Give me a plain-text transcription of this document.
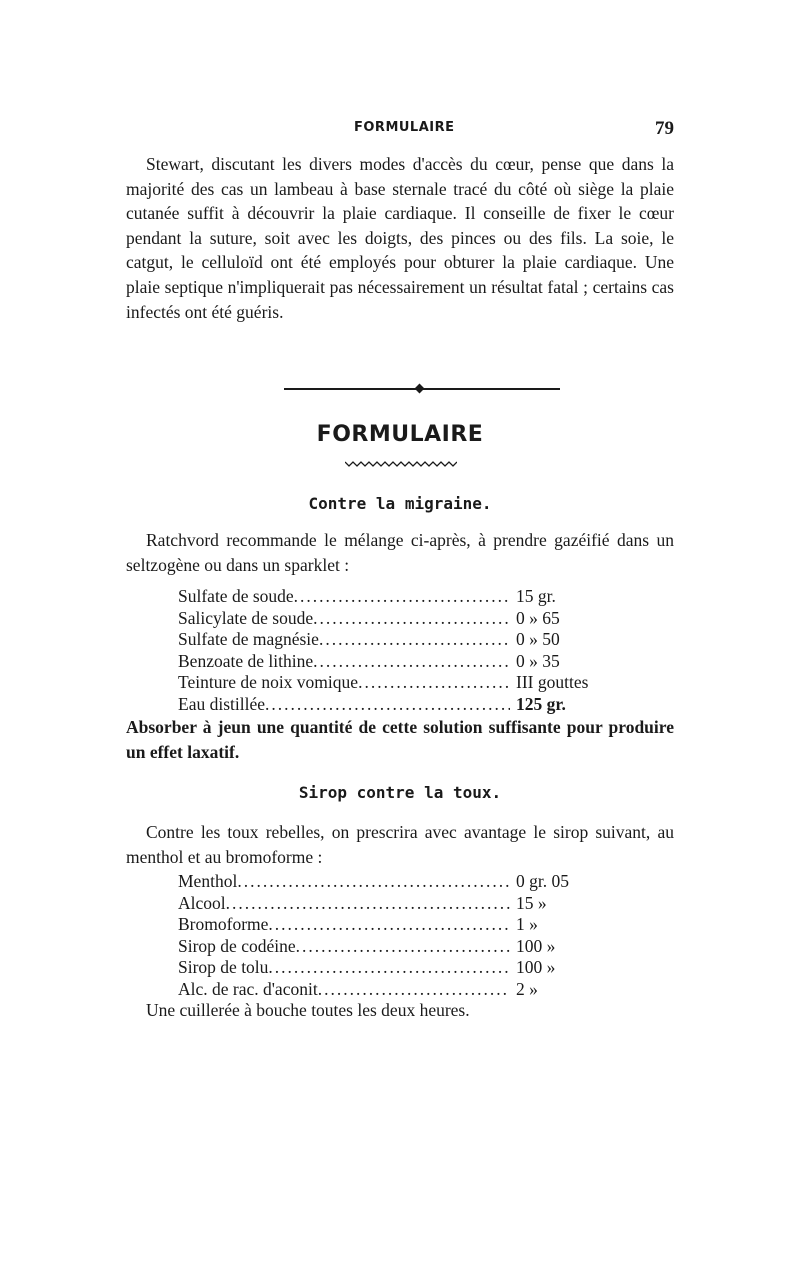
FORMULAIRE	79

Stewart, discutant les divers modes d'accès du cœur, pense que dans la majorité des cas un lambeau à base sternale tracé du côté où siège la plaie cutanée suffit à découvrir la plaie cardiaque. Il conseille de fixer le cœur pendant la suture, soit avec les doigts, des pinces ou des fils. La soie, le catgut, le celluloïd ont été employés pour obturer la plaie cardiaque. Une plaie septique n'impliquerait pas nécessairement un résultat fatal ; certains cas infectés ont été guéris.

FORMULAIRE
Contre la migraine.

Ratchvord recommande le mélange ci-après, à prendre gazéifié dans un seltzogène ou dans un sparklet :

Sulfate de soude .....	15 gr.
Salicylate de soude .....	0 » 65
Sulfate de magnésie .....	0 » 50
Benzoate de lithine .....	0 » 35
Teinture de noix vomique .....	III gouttes
Eau distillée .....	125 gr.

Absorber à jeun une quantité de cette solution suffisante pour produire un effet laxatif.

Sirop contre la toux.

Contre les toux rebelles, on prescrira avec avantage le sirop suivant, au menthol et au bromoforme :

Menthol .....	0 gr. 05
Alcool .....	15 »
Bromoforme .....	1 »
Sirop de codéine .....	100 »
Sirop de tolu .....	100 »
Alc. de rac. d'aconit .....	2 »

Une cuillerée à bouche toutes les deux heures.
